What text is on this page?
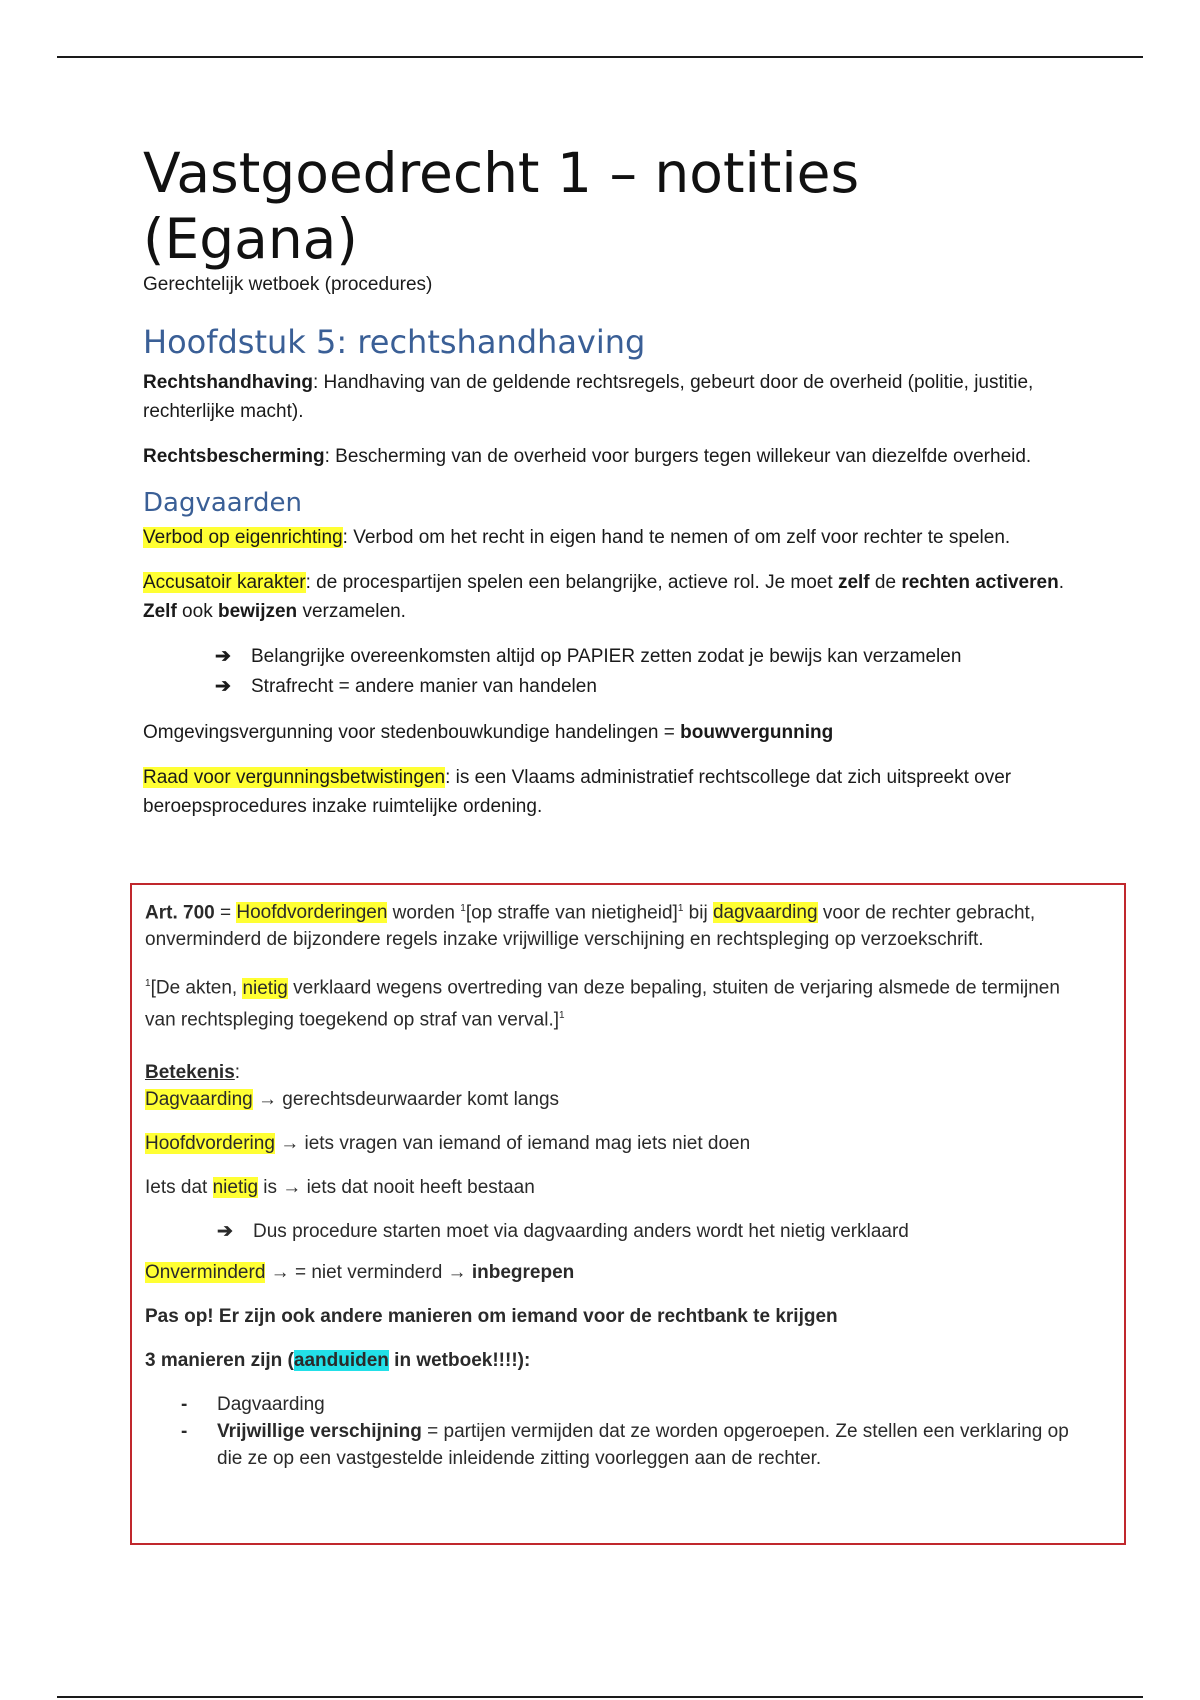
Vastgoedrecht 1 – notities
(Egana)
Gerechtelijk wetboek (procedures)
Hoofdstuk 5: rechtshandhaving

Rechtshandhaving: Handhaving van de geldende rechtsregels, gebeurt door de overheid (politie, justitie, rechterlijke macht).

Rechtsbescherming: Bescherming van de overheid voor burgers tegen willekeur van diezelfde overheid.

Dagvaarden

Verbod op eigenrichting: Verbod om het recht in eigen hand te nemen of om zelf voor rechter te spelen.

Accusatoir karakter: de procespartijen spelen een belangrijke, actieve rol. Je moet zelf de rechten activeren. Zelf ook bewijzen verzamelen.

➔ Belangrijke overeenkomsten altijd op PAPIER zetten zodat je bewijs kan verzamelen
➔ Strafrecht = andere manier van handelen

Omgevingsvergunning voor stedenbouwkundige handelingen = bouwvergunning

Raad voor vergunningsbetwistingen: is een Vlaams administratief rechtscollege dat zich uitspreekt over beroepsprocedures inzake ruimtelijke ordening.

Art. 700 = Hoofdvorderingen worden $^1$[op straffe van nietigheid]$^1$ bij dagvaarding voor de rechter gebracht, onverminderd de bijzondere regels inzake vrijwillige verschijning en rechtspleging op verzoekschrift.

$^1$[De akten, nietig verklaard wegens overtreding van deze bepaling, stuiten de verjaring alsmede de termijnen van rechtspleging toegekend op straf van verval.]$^1$

Betekenis:

Dagvaarding → gerechtsdeurwaarder komt langs

Hoofdvordering → iets vragen van iemand of iemand mag iets niet doen

Iets dat nietig is → iets dat nooit heeft bestaan

➔ Dus procedure starten moet via dagvaarding anders wordt het nietig verklaard

Onverminderd → = niet verminderd → inbegrepen

Pas op! Er zijn ook andere manieren om iemand voor de rechtbank te krijgen

3 manieren zijn (aanduiden in wetboek!!!!):

- Dagvaarding
- Vrijwillige verschijning = partijen vermijden dat ze worden opgeroepen. Ze stellen een verklaring op die ze op een vastgestelde inleidende zitting voorleggen aan de rechter.
